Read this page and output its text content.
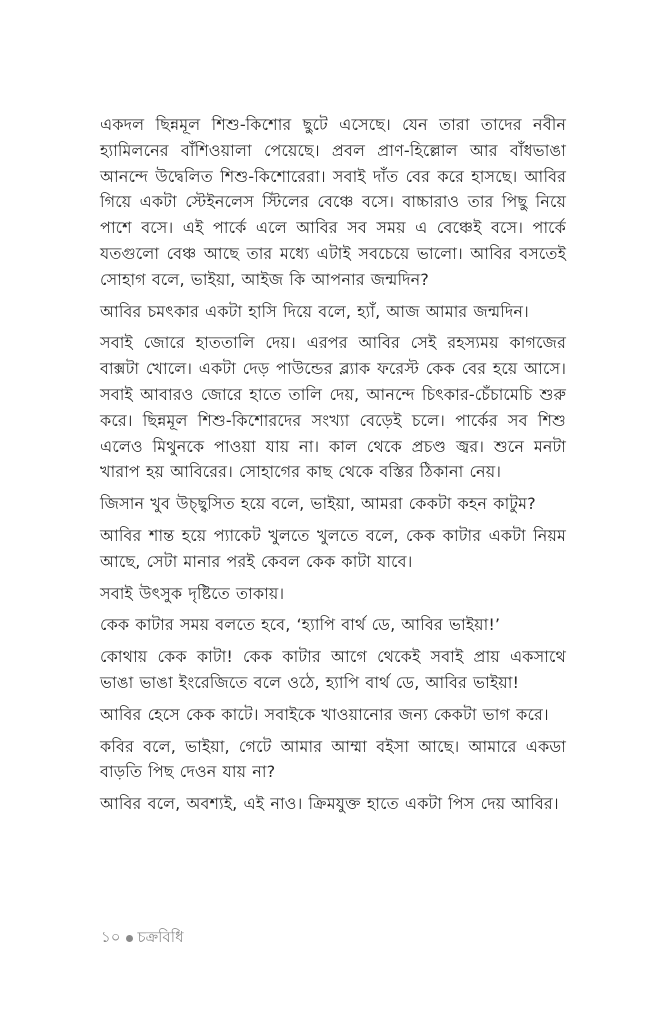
একদল ছিন্নমূল শিশু-কিশোর ছুটে এসেছে। যেন তারা তাদের নবীন হ্যামিলনের বাঁশিওয়ালা পেয়েছে। প্রবল প্রাণ-হিল্লোল আর বাঁধভাঙা আনন্দে উদ্বেলিত শিশু-কিশোরেরা। সবাই দাঁত বের করে হাসছে। আবির গিয়ে একটা স্টেইনলেস স্টিলের বেঞ্চে বসে। বাচ্চারাও তার পিছু নিয়ে পাশে বসে। এই পার্কে এলে আবির সব সময় এ বেঞ্চেই বসে। পার্কে যতগুলো বেঞ্চ আছে তার মধ্যে এটাই সবচেয়ে ভালো। আবির বসতেই সোহাগ বলে, ভাইয়া, আইজ কি আপনার জন্মদিন?

আবির চমৎকার একটা হাসি দিয়ে বলে, হ্যাঁ, আজ আমার জন্মদিন।

সবাই জোরে হাততালি দেয়। এরপর আবির সেই রহস্যময় কাগজের বাক্সটা খোলে। একটা দেড় পাউন্ডের ব্ল্যাক ফরেস্ট কেক বের হয়ে আসে। সবাই আবারও জোরে হাতে তালি দেয়, আনন্দে চিৎকার-চেঁচামেচি শুরু করে। ছিন্নমূল শিশু-কিশোরদের সংখ্যা বেড়েই চলে। পার্কের সব শিশু এলেও মিথুনকে পাওয়া যায় না। কাল থেকে প্রচণ্ড জ্বর। শুনে মনটা খারাপ হয় আবিরের। সোহাগের কাছ থেকে বস্তির ঠিকানা নেয়।

জিসান খুব উচ্ছ্বসিত হয়ে বলে, ভাইয়া, আমরা কেকটা কহন কাটুম?

আবির শান্ত হয়ে প্যাকেট খুলতে খুলতে বলে, কেক কাটার একটা নিয়ম আছে, সেটা মানার পরই কেবল কেক কাটা যাবে।

সবাই উৎসুক দৃষ্টিতে তাকায়।

কেক কাটার সময় বলতে হবে, ‘হ্যাপি বার্থ ডে, আবির ভাইয়া!’

কোথায় কেক কাটা! কেক কাটার আগে থেকেই সবাই প্রায় একসাথে ভাঙা ভাঙা ইংরেজিতে বলে ওঠে, হ্যাপি বার্থ ডে, আবির ভাইয়া!

আবির হেসে কেক কাটে। সবাইকে খাওয়ানোর জন্য কেকটা ভাগ করে।

কবির বলে, ভাইয়া, গেটে আমার আম্মা বইসা আছে। আমারে একডা বাড়তি পিছ দেওন যায় না?

আবির বলে, অবশ্যই, এই নাও। ক্রিমযুক্ত হাতে একটা পিস দেয় আবির।

১০ চক্রবিধি
